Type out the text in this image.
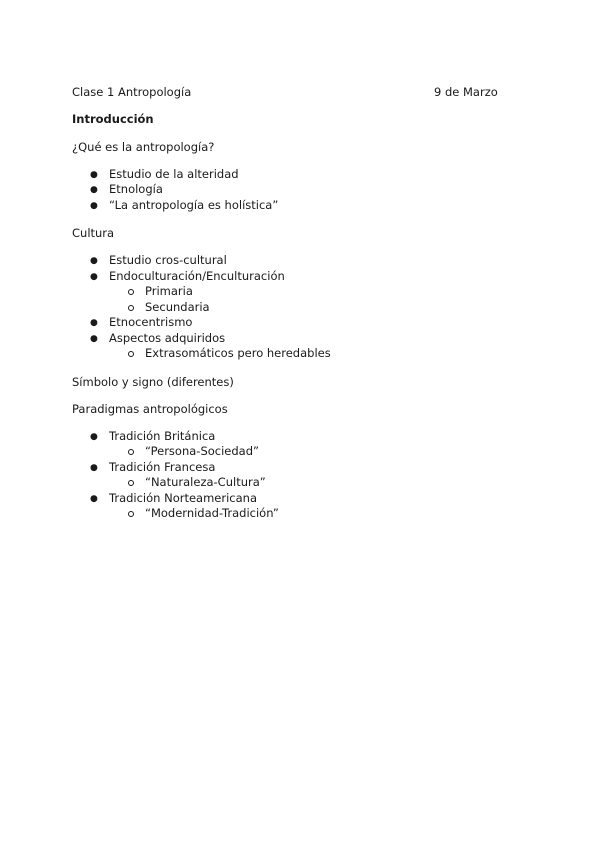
Clase 1 Antropología	9 de Marzo
Introducción
¿Qué es la antropología?
● Estudio de la alteridad
● Etnología
● “La antropología es holística”
Cultura
● Estudio cros-cultural
● Endoculturación/Enculturación
Primaria
Secundaria
● Etnocentrismo
● Aspectos adquiridos
Extrasomáticos pero heredables
Símbolo y signo (diferentes)
Paradigmas antropológicos
● Tradición Británica
“Persona-Sociedad”
● Tradición Francesa
“Naturaleza-Cultura”
● Tradición Norteamericana
“Modernidad-Tradición”
